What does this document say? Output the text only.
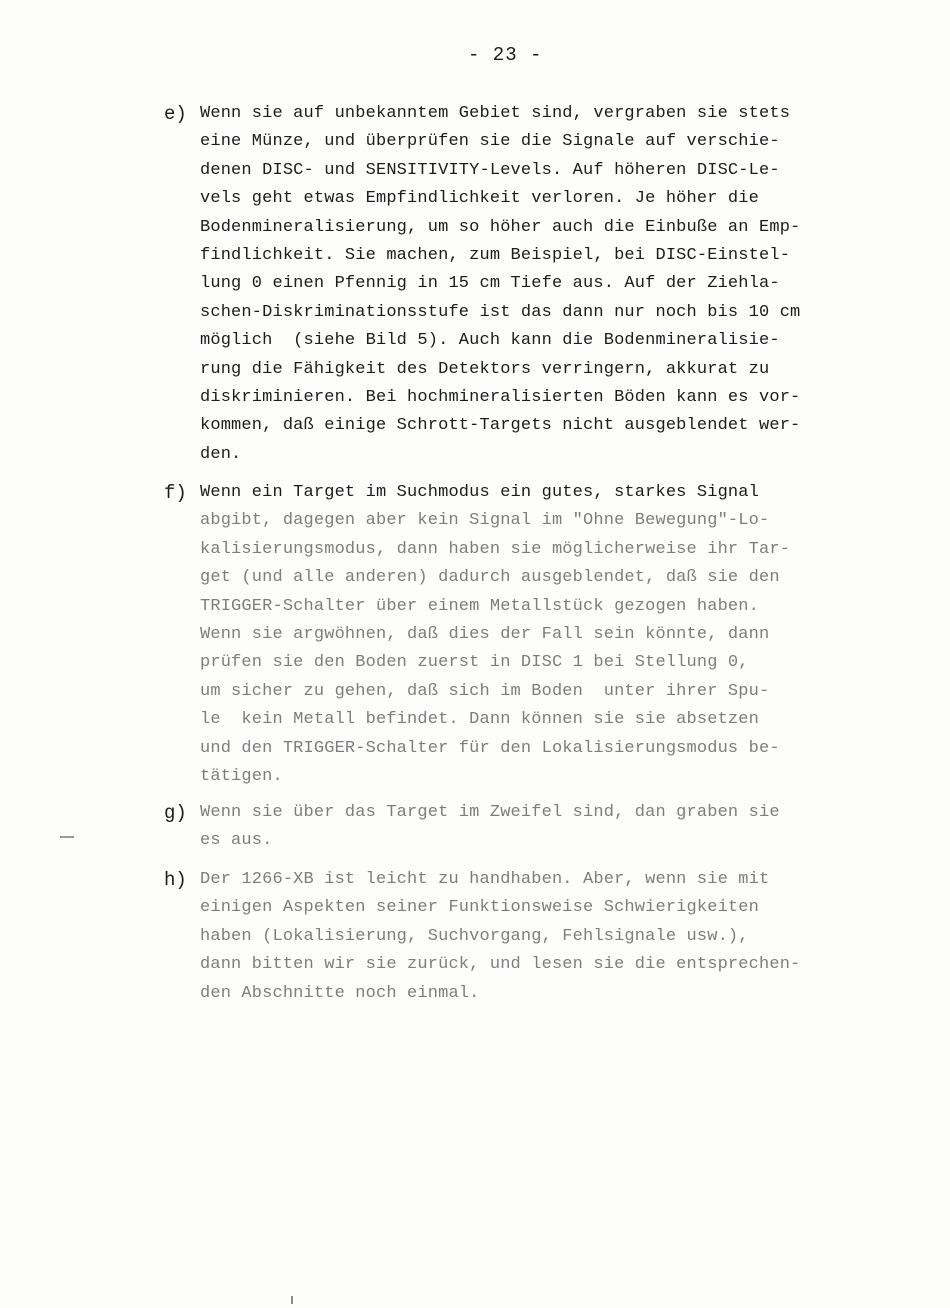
- 23 -
e) Wenn sie auf unbekanntem Gebiet sind, vergraben sie stets
eine Münze, und überprüfen sie die Signale auf verschie-
denen DISC- und SENSITIVITY-Levels. Auf höheren DISC-Le-
vels geht etwas Empfindlichkeit verloren. Je höher die
Bodenmineralisierung, um so höher auch die Einbuße an Emp-
findlichkeit. Sie machen, zum Beispiel, bei DISC-Einstel-
lung 0 einen Pfennig in 15 cm Tiefe aus. Auf der Ziehla-
schen-Diskriminationsstufe ist das dann nur noch bis 10 cm
möglich  (siehe Bild 5). Auch kann die Bodenmineralisie-
rung die Fähigkeit des Detektors verringern, akkurat zu
diskriminieren. Bei hochmineralisierten Böden kann es vor-
kommen, daß einige Schrott-Targets nicht ausgeblendet wer-
den.
f) Wenn ein Target im Suchmodus ein gutes, starkes Signal
abgibt, dagegen aber kein Signal im "Ohne Bewegung"-Lo-
kalisierungsmodus, dann haben sie möglicherweise ihr Tar-
get (und alle anderen) dadurch ausgeblendet, daß sie den
TRIGGER-Schalter über einem Metallstück gezogen haben.
Wenn sie argwöhnen, daß dies der Fall sein könnte, dann
prüfen sie den Boden zuerst in DISC 1 bei Stellung 0,
um sicher zu gehen, daß sich im Boden  unter ihrer Spu-
le  kein Metall befindet. Dann können sie sie absetzen
und den TRIGGER-Schalter für den Lokalisierungsmodus be-
tätigen.
g) Wenn sie über das Target im Zweifel sind, dan graben sie
es aus.
h) Der 1266-XB ist leicht zu handhaben. Aber, wenn sie mit
einigen Aspekten seiner Funktionsweise Schwierigkeiten
haben (Lokalisierung, Suchvorgang, Fehlsignale usw.),
dann bitten wir sie zurück, und lesen sie die entsprechen-
den Abschnitte noch einmal.
